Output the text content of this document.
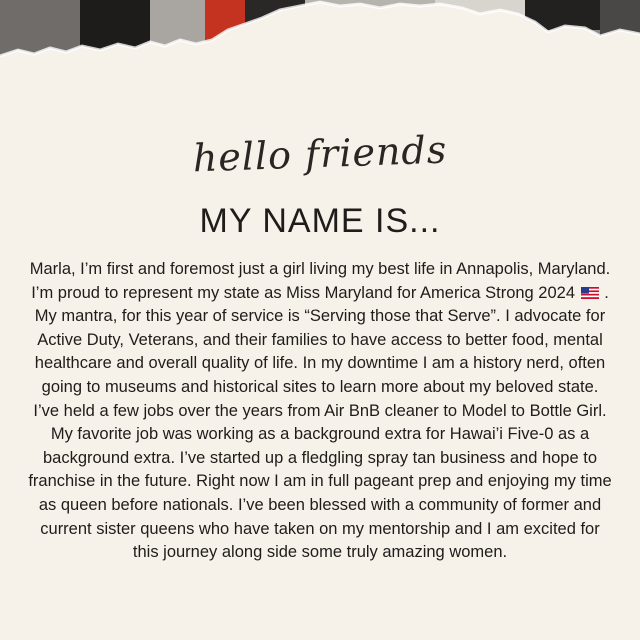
hello friends
MY NAME IS...

Marla, I’m first and foremost just a girl living my best life in Annapolis, Maryland. I’m proud to represent my state as Miss Maryland for America Strong 2024  . My mantra, for this year of service is “Serving those that Serve”. I advocate for Active Duty, Veterans, and their families to have access to better food, mental healthcare and overall quality of life. In my downtime I am a history nerd, often going to museums and historical sites to learn more about my beloved state. I’ve held a few jobs over the years from Air BnB cleaner to Model to Bottle Girl. My favorite job was working as a background extra for Hawai’i Five-0 as a background extra. I’ve started up a fledgling spray tan business and hope to franchise in the future. Right now I am in full pageant prep and enjoying my time as queen before nationals. I’ve been blessed with a community of former and current sister queens who have taken on my mentorship and I am excited for this journey along side some truly amazing women.
